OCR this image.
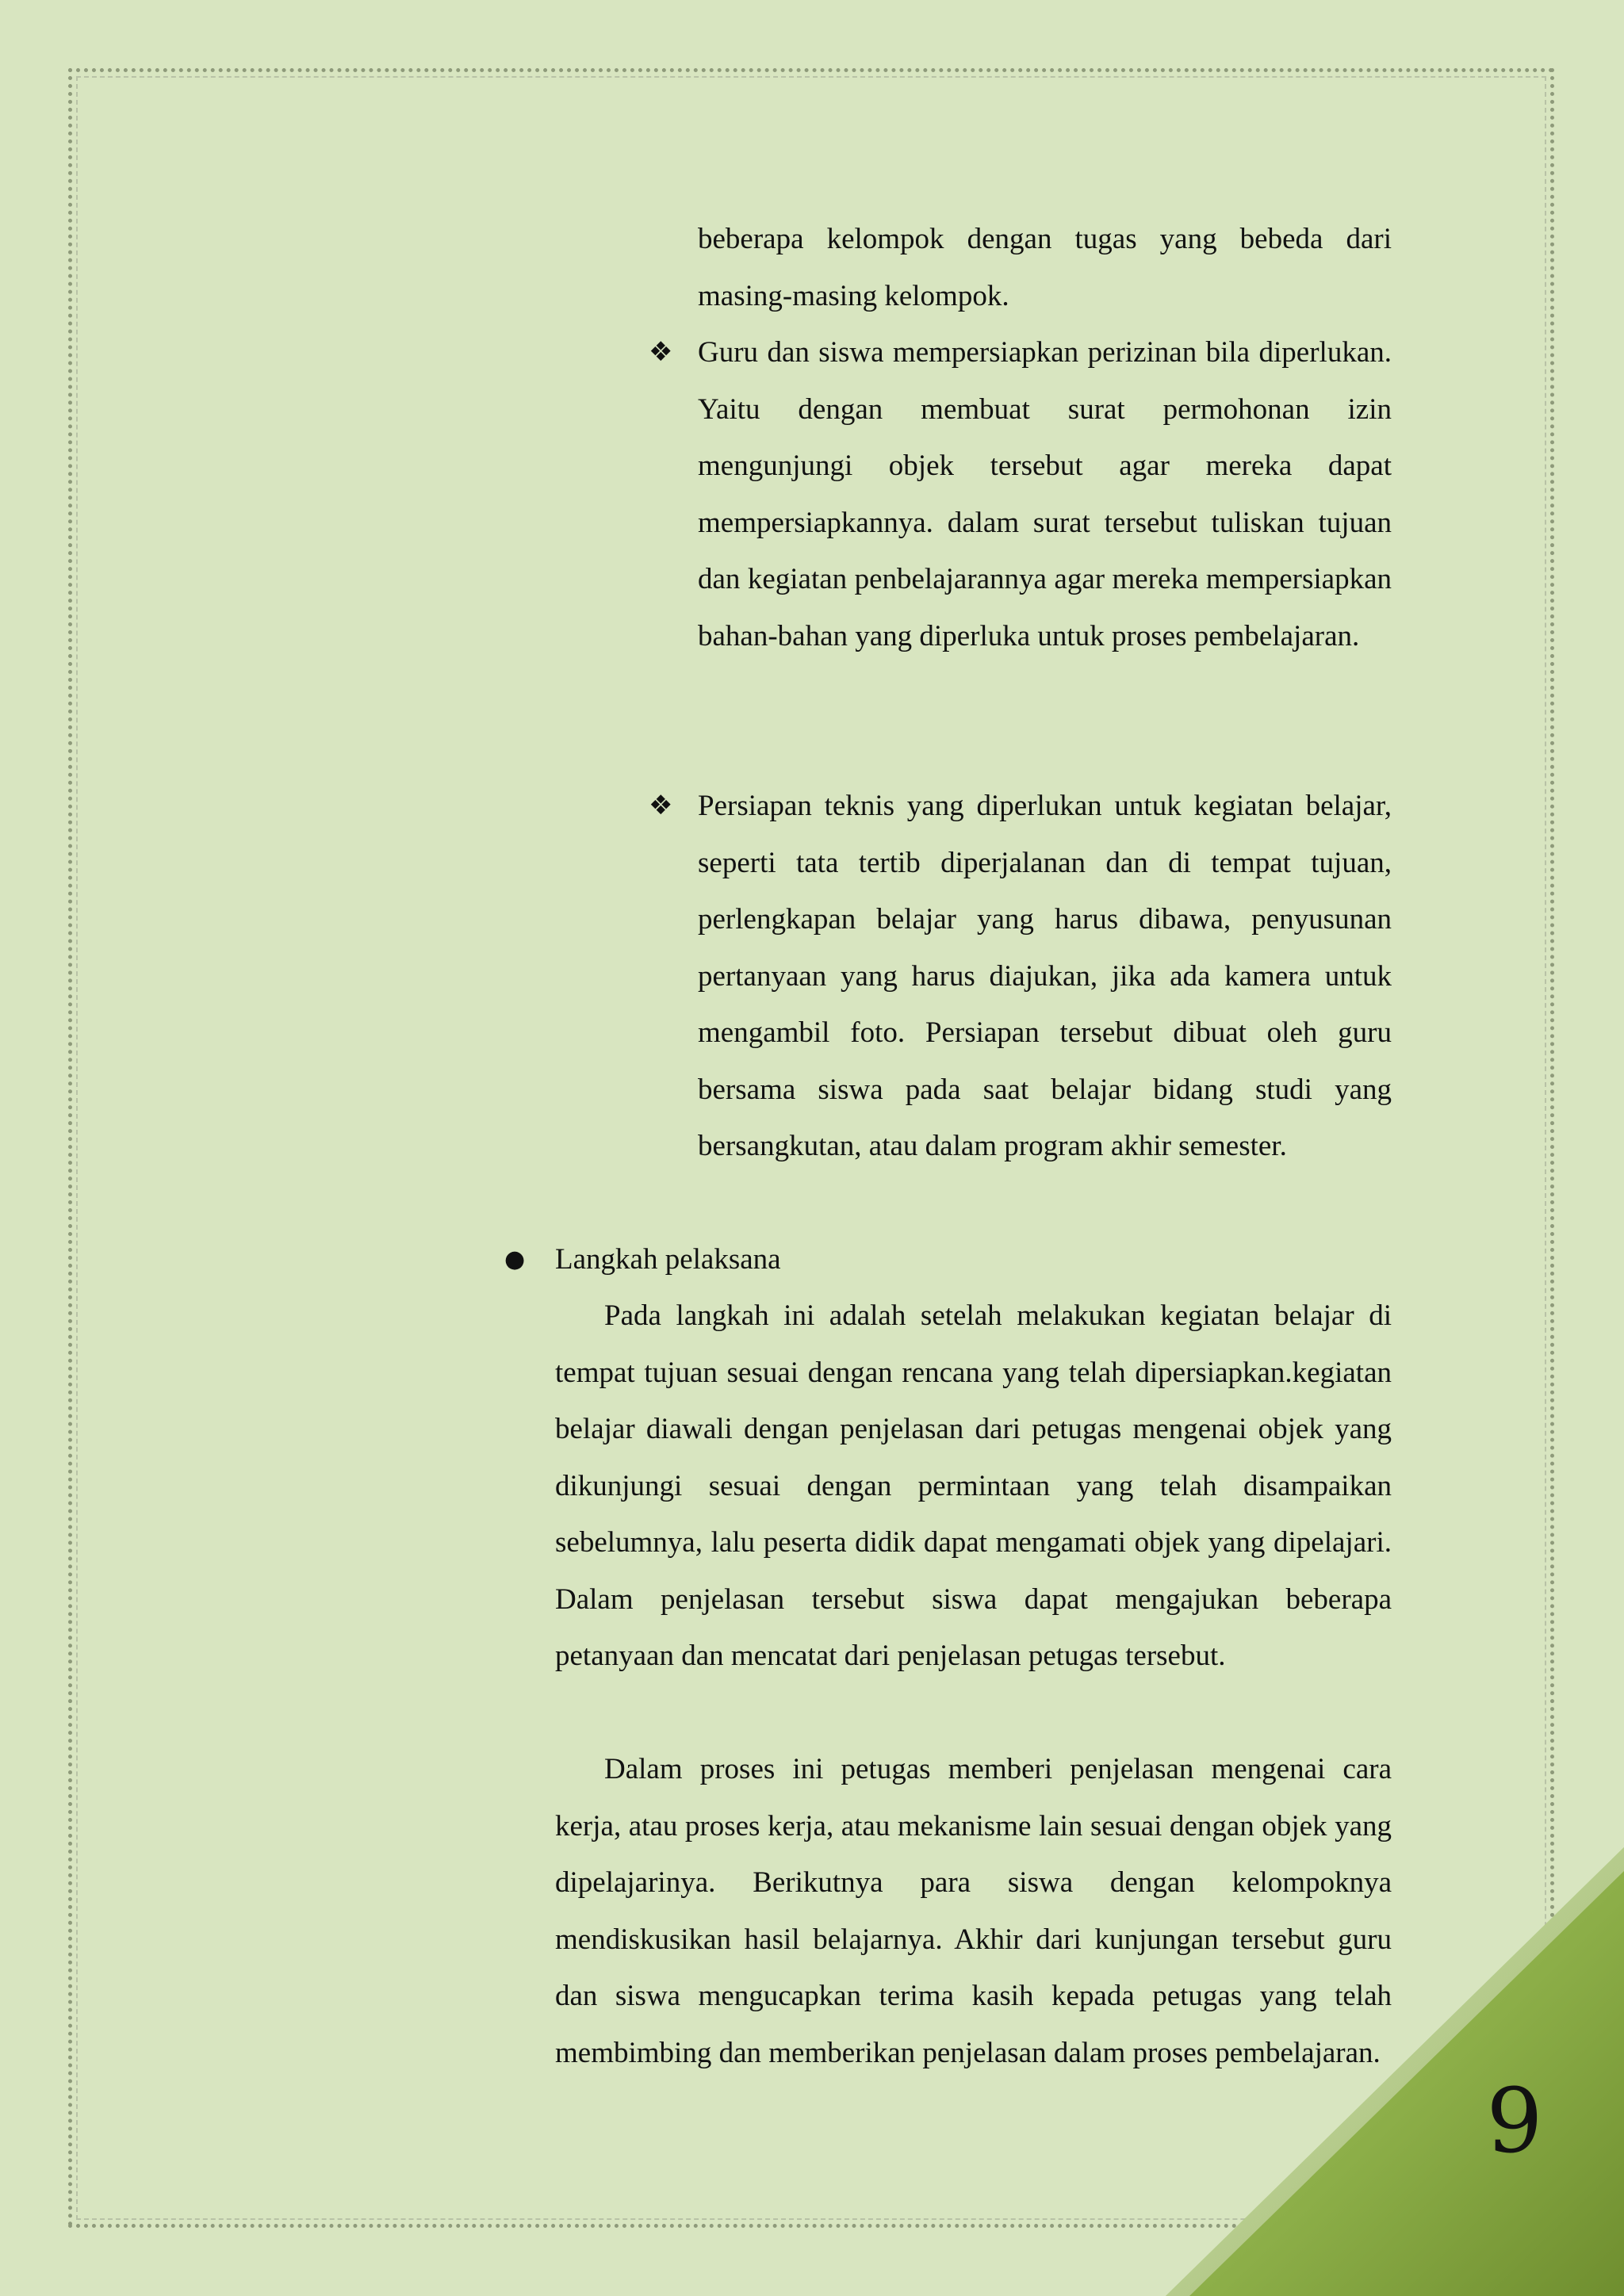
9

beberapa kelompok dengan tugas yang bebeda dari masing-masing kelompok.

❖ Guru dan siswa mempersiapkan perizinan bila diperlukan. Yaitu dengan membuat surat permohonan izin mengunjungi objek tersebut agar mereka dapat mempersiapkannya. dalam surat tersebut tuliskan tujuan dan kegiatan penbelajarannya agar mereka mempersiapkan bahan-bahan yang diperluka untuk proses pembelajaran.

❖ Persiapan teknis yang diperlukan untuk kegiatan belajar, seperti tata tertib diperjalanan dan di tempat tujuan, perlengkapan belajar yang harus dibawa, penyusunan pertanyaan yang harus diajukan, jika ada kamera untuk mengambil foto. Persiapan tersebut dibuat oleh guru bersama siswa pada saat belajar bidang studi yang bersangkutan, atau dalam program akhir semester.

● Langkah pelaksana

Pada langkah ini adalah setelah melakukan kegiatan belajar di tempat tujuan sesuai dengan rencana yang telah dipersiapkan.kegiatan belajar diawali dengan penjelasan dari petugas mengenai objek yang dikunjungi sesuai dengan permintaan yang telah disampaikan sebelumnya, lalu peserta didik dapat mengamati objek yang dipelajari. Dalam penjelasan tersebut siswa dapat mengajukan beberapa petanyaan dan mencatat dari penjelasan petugas tersebut.

Dalam proses ini petugas memberi penjelasan mengenai cara kerja, atau proses kerja, atau mekanisme lain sesuai dengan objek yang dipelajarinya. Berikutnya para siswa dengan kelompoknya mendiskusikan hasil belajarnya. Akhir dari kunjungan tersebut guru dan siswa mengucapkan terima kasih kepada petugas yang telah membimbing dan memberikan penjelasan dalam proses pembelajaran.
